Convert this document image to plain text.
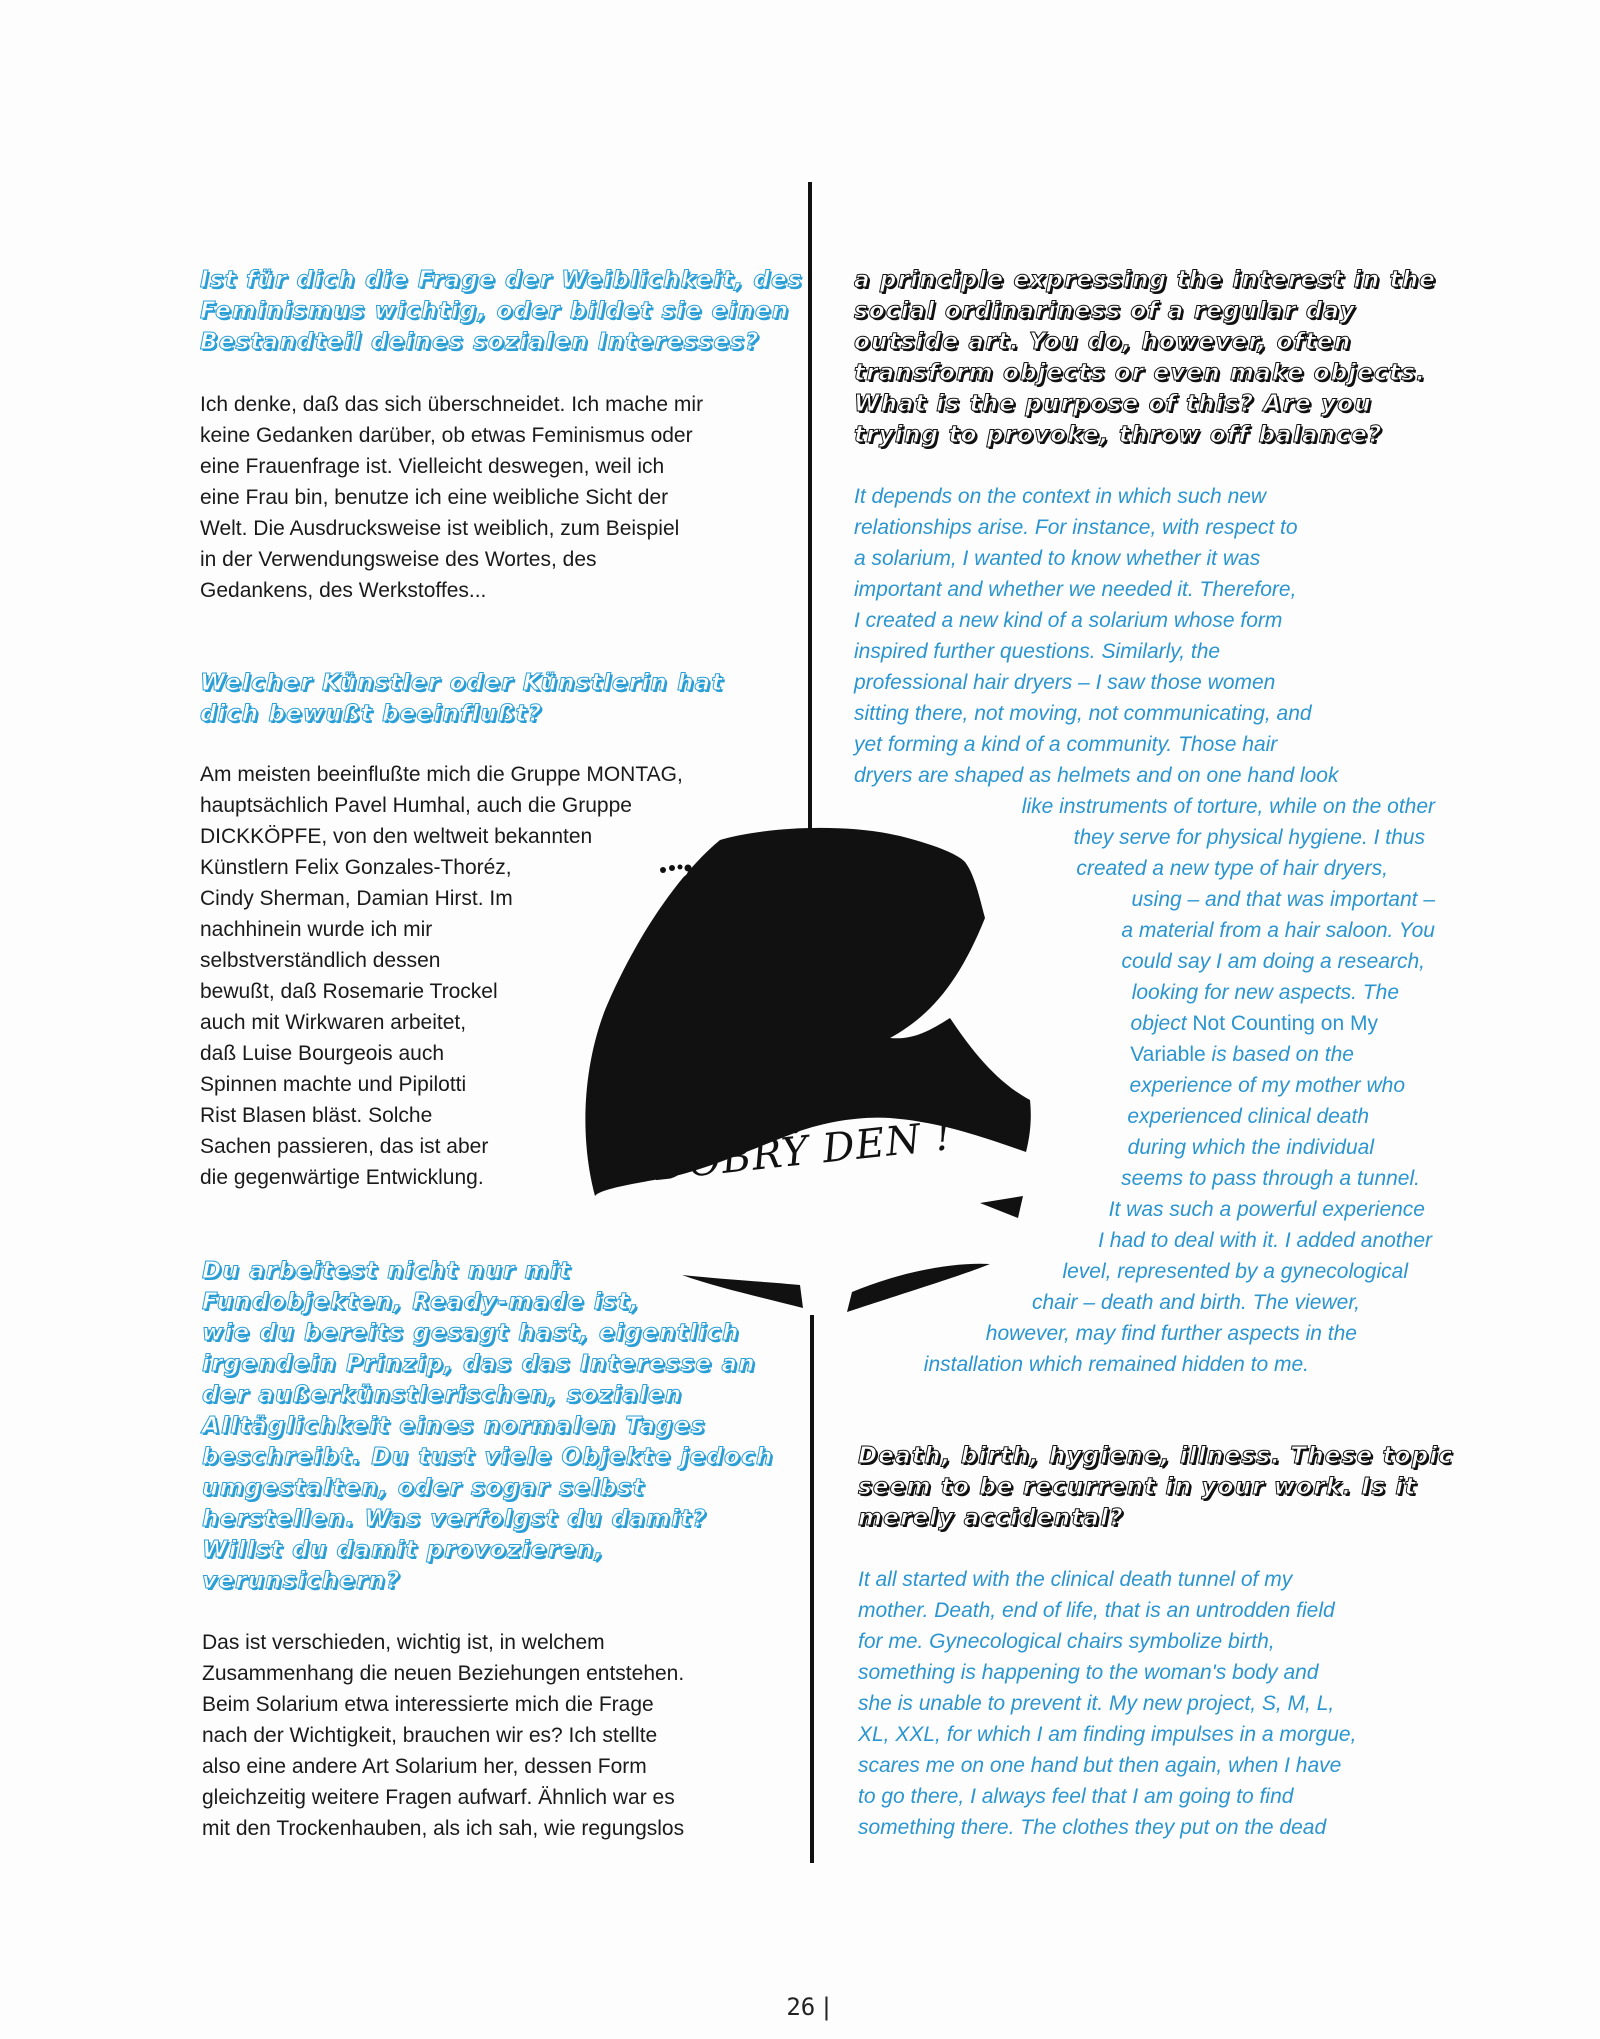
DOBRÝ DEN !

Ist für dich die Frage der Weiblichkeit, des
Feminismus wichtig, oder bildet sie einen
Bestandteil deines sozialen Interesses?

Ich denke, daß das sich überschneidet. Ich mache mir
keine Gedanken darüber, ob etwas Feminismus oder
eine Frauenfrage ist. Vielleicht deswegen, weil ich
eine Frau bin, benutze ich eine weibliche Sicht der
Welt. Die Ausdrucksweise ist weiblich, zum Beispiel
in der Verwendungsweise des Wortes, des
Gedankens, des Werkstoffes...

Welcher Künstler oder Künstlerin hat
dich bewußt beeinflußt?

Am meisten beeinflußte mich die Gruppe MONTAG,
hauptsächlich Pavel Humhal, auch die Gruppe
DICKKÖPFE, von den weltweit bekannten
Künstlern Felix Gonzales-Thoréz,
Cindy Sherman, Damian Hirst. Im
nachhinein wurde ich mir
selbstverständlich dessen
bewußt, daß Rosemarie Trockel
auch mit Wirkwaren arbeitet,
daß Luise Bourgeois auch
Spinnen machte und Pipilotti
Rist Blasen bläst. Solche
Sachen passieren, das ist aber
die gegenwärtige Entwicklung.

Du arbeitest nicht nur mit
Fundobjekten, Ready-made ist,
wie du bereits gesagt hast, eigentlich
irgendein Prinzip, das das Interesse an
der außerkünstlerischen, sozialen
Alltäglichkeit eines normalen Tages
beschreibt. Du tust viele Objekte jedoch
umgestalten, oder sogar selbst
herstellen. Was verfolgst du damit?
Willst du damit provozieren,
verunsichern?

Das ist verschieden, wichtig ist, in welchem
Zusammenhang die neuen Beziehungen entstehen.
Beim Solarium etwa interessierte mich die Frage
nach der Wichtigkeit, brauchen wir es? Ich stellte
also eine andere Art Solarium her, dessen Form
gleichzeitig weitere Fragen aufwarf. Ähnlich war es
mit den Trockenhauben, als ich sah, wie regungslos

a principle expressing the interest in the
social ordinariness of a regular day
outside art. You do, however, often
transform objects or even make objects.
What is the purpose of this? Are you
trying to provoke, throw off balance?

It depends on the context in which such new
relationships arise. For instance, with respect to
a solarium, I wanted to know whether it was
important and whether we needed it. Therefore,
I created a new kind of a solarium whose form
inspired further questions. Similarly, the
professional hair dryers – I saw those women
sitting there, not moving, not communicating, and
yet forming a kind of a community. Those hair
dryers are shaped as helmets and on one hand look

like instruments of torture, while on the other
they serve for physical hygiene. I thus
created a new type of hair dryers,
using – and that was important –
a material from a hair saloon. You
could say I am doing a research,
looking for new aspects. The
object Not Counting on My
Variable is based on the
experience of my mother who
experienced clinical death
during which the individual
seems to pass through a tunnel.
It was such a powerful experience
I had to deal with it. I added another
level, represented by a gynecological
chair – death and birth. The viewer,
however, may find further aspects in the
installation which remained hidden to me.

Death, birth, hygiene, illness. These topic
seem to be recurrent in your work. Is it
merely accidental?

It all started with the clinical death tunnel of my
mother. Death, end of life, that is an untrodden field
for me. Gynecological chairs symbolize birth,
something is happening to the woman's body and
she is unable to prevent it. My new project, S, M, L,
XL, XXL, for which I am finding impulses in a morgue,
scares me on one hand but then again, when I have
to go there, I always feel that I am going to find
something there. The clothes they put on the dead

26 |
